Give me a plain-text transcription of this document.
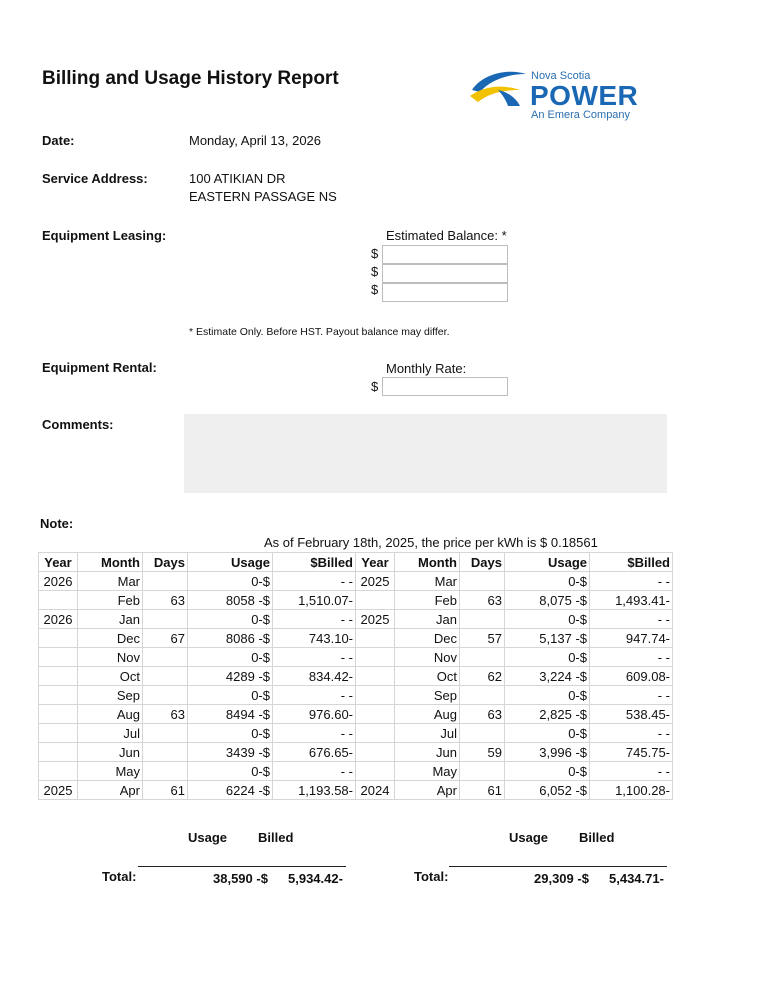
Billing and Usage History Report	Nova Scotia
POWER
An Emera Company
Date:	Monday, April 13, 2026
Service Address:	100 ATIKIAN DR
EASTERN PASSAGE NS
Equipment Leasing:	Estimated Balance: *
$
$
$
* Estimate Only. Before HST. Payout balance may differ.
Equipment Rental:	Monthly Rate:
$
Comments:
Note:
As of February 18th, 2025, the price per kWh is $ 0.18561
Year	Month	Days	Usage	$Billed	Year	Month	Days	Usage	$Billed
2026	Mar		0-$	- -	2025	Mar		0-$	- -
	Feb	63	8058 -$	1,510.07-		Feb	63	8,075 -$	1,493.41-
2026	Jan		0-$	- -	2025	Jan		0-$	- -
	Dec	67	8086 -$	743.10-		Dec	57	5,137 -$	947.74-
	Nov		0-$	- -		Nov		0-$	- -
	Oct		4289 -$	834.42-		Oct	62	3,224 -$	609.08-
	Sep		0-$	- -		Sep		0-$	- -
	Aug	63	8494 -$	976.60-		Aug	63	2,825 -$	538.45-
	Jul		0-$	- -		Jul		0-$	- -
	Jun		3439 -$	676.65-		Jun	59	3,996 -$	745.75-
	May		0-$	- -		May		0-$	- -
2025	Apr	61	6224 -$	1,193.58-	2024	Apr	61	6,052 -$	1,100.28-
Usage Billed	Usage Billed
Total:	38,590 -$ 5,934.42-	Total:	29,309 -$ 5,434.71-
